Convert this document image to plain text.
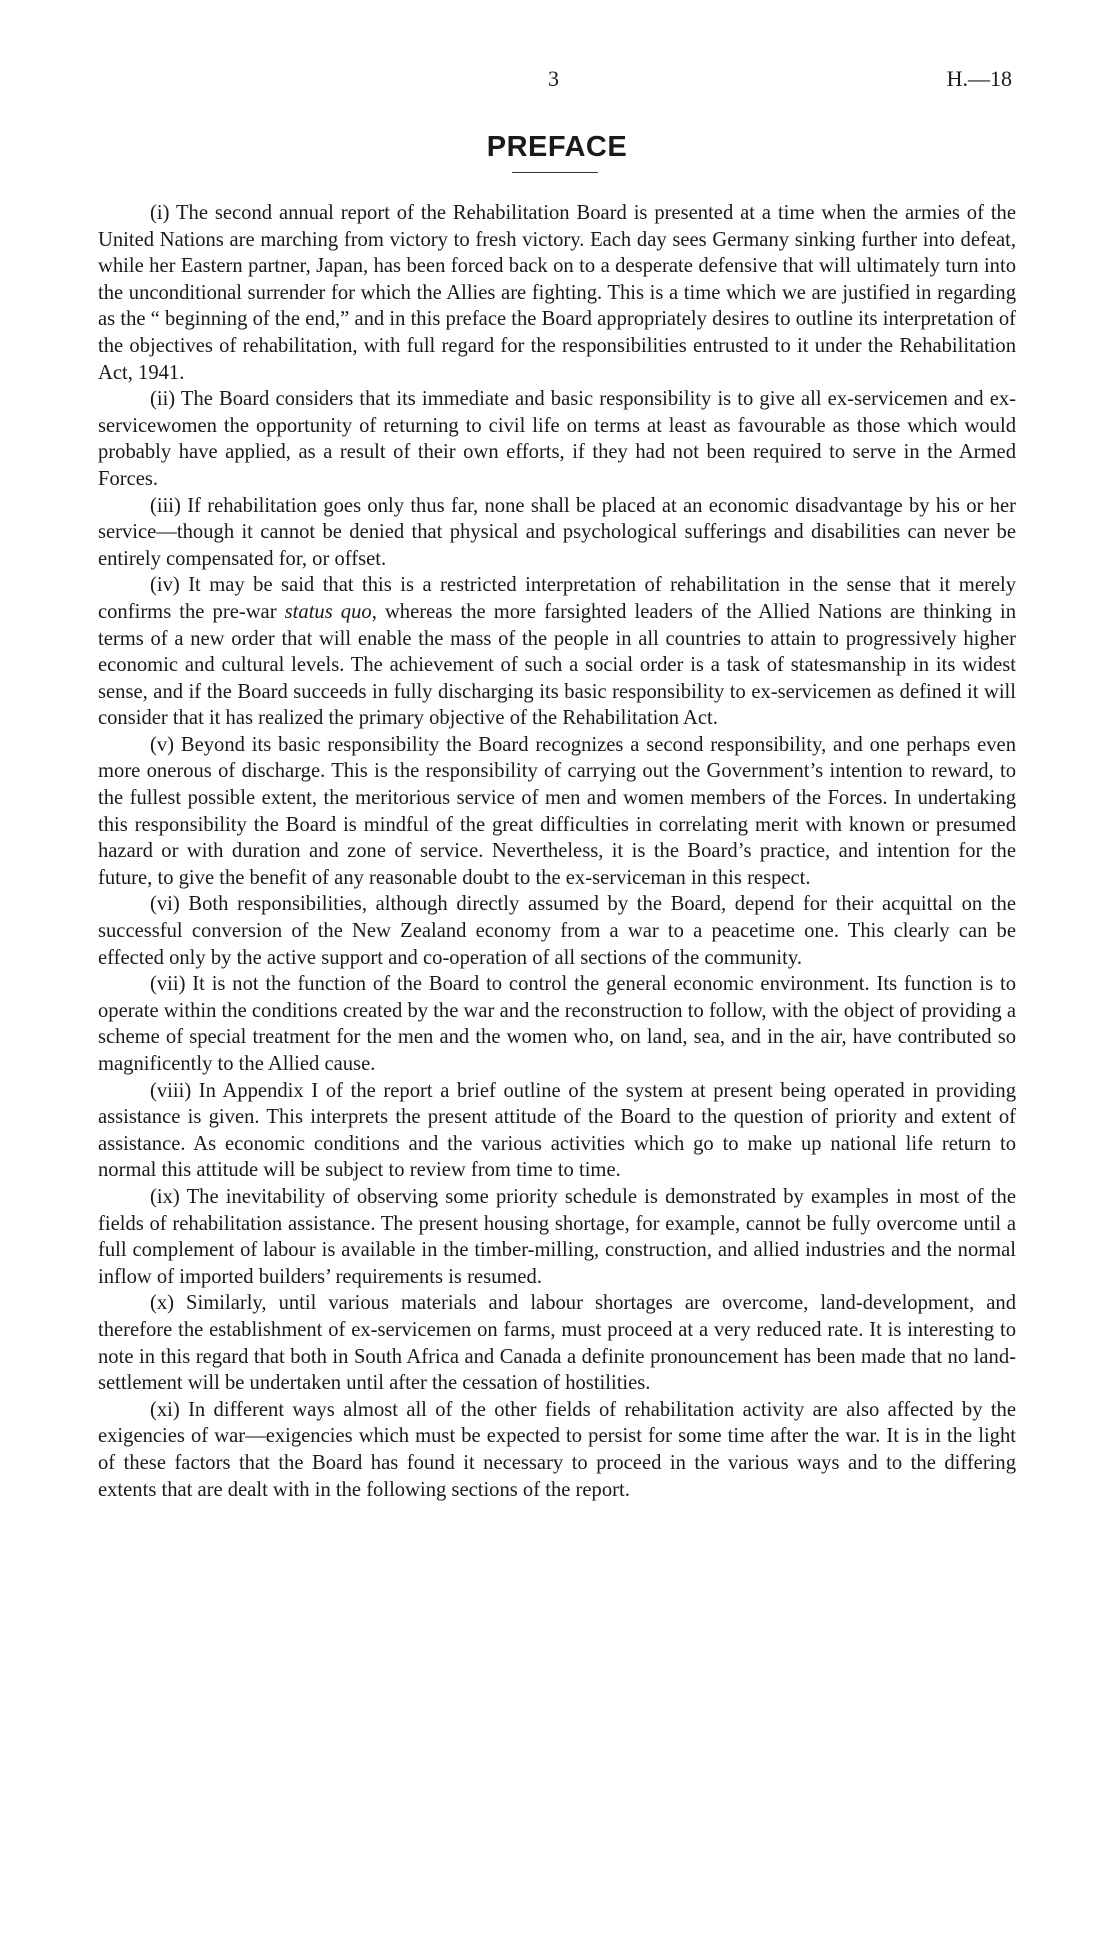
3	H.—18
PREFACE

(i) The second annual report of the Rehabilitation Board is presented at a time when the armies of the United Nations are marching from victory to fresh victory. Each day sees Germany sinking further into defeat, while her Eastern partner, Japan, has been forced back on to a desperate defensive that will ultimately turn into the unconditional surrender for which the Allies are fighting. This is a time which we are justified in regarding as the “ beginning of the end,” and in this preface the Board appropriately desires to outline its interpretation of the objectives of rehabilitation, with full regard for the responsibilities entrusted to it under the Rehabilitation Act, 1941.

(ii) The Board considers that its immediate and basic responsibility is to give all ex-servicemen and ex-servicewomen the opportunity of returning to civil life on terms at least as favourable as those which would probably have applied, as a result of their own efforts, if they had not been required to serve in the Armed Forces.

(iii) If rehabilitation goes only thus far, none shall be placed at an economic disadvantage by his or her service—though it cannot be denied that physical and psychological sufferings and disabilities can never be entirely compensated for, or offset.

(iv) It may be said that this is a restricted interpretation of rehabilitation in the sense that it merely confirms the pre-war status quo, whereas the more farsighted leaders of the Allied Nations are thinking in terms of a new order that will enable the mass of the people in all countries to attain to progressively higher economic and cultural levels. The achievement of such a social order is a task of statesmanship in its widest sense, and if the Board succeeds in fully discharging its basic responsibility to ex-servicemen as defined it will consider that it has realized the primary objective of the Rehabilitation Act.

(v) Beyond its basic responsibility the Board recognizes a second responsibility, and one perhaps even more onerous of discharge. This is the responsibility of carrying out the Government’s intention to reward, to the fullest possible extent, the meritorious service of men and women members of the Forces. In undertaking this responsibility the Board is mindful of the great difficulties in correlating merit with known or presumed hazard or with duration and zone of service. Nevertheless, it is the Board’s practice, and intention for the future, to give the benefit of any reasonable doubt to the ex-serviceman in this respect.

(vi) Both responsibilities, although directly assumed by the Board, depend for their acquittal on the successful conversion of the New Zealand economy from a war to a peacetime one. This clearly can be effected only by the active support and co-operation of all sections of the community.

(vii) It is not the function of the Board to control the general economic environment. Its function is to operate within the conditions created by the war and the reconstruction to follow, with the object of providing a scheme of special treatment for the men and the women who, on land, sea, and in the air, have contributed so magnificently to the Allied cause.

(viii) In Appendix I of the report a brief outline of the system at present being operated in providing assistance is given. This interprets the present attitude of the Board to the question of priority and extent of assistance. As economic conditions and the various activities which go to make up national life return to normal this attitude will be subject to review from time to time.

(ix) The inevitability of observing some priority schedule is demonstrated by examples in most of the fields of rehabilitation assistance. The present housing shortage, for example, cannot be fully overcome until a full complement of labour is available in the timber-milling, construction, and allied industries and the normal inflow of imported builders’ requirements is resumed.

(x) Similarly, until various materials and labour shortages are overcome, land-development, and therefore the establishment of ex-servicemen on farms, must proceed at a very reduced rate. It is interesting to note in this regard that both in South Africa and Canada a definite pronouncement has been made that no land-settlement will be undertaken until after the cessation of hostilities.

(xi) In different ways almost all of the other fields of rehabilitation activity are also affected by the exigencies of war—exigencies which must be expected to persist for some time after the war. It is in the light of these factors that the Board has found it necessary to proceed in the various ways and to the differing extents that are dealt with in the following sections of the report.
